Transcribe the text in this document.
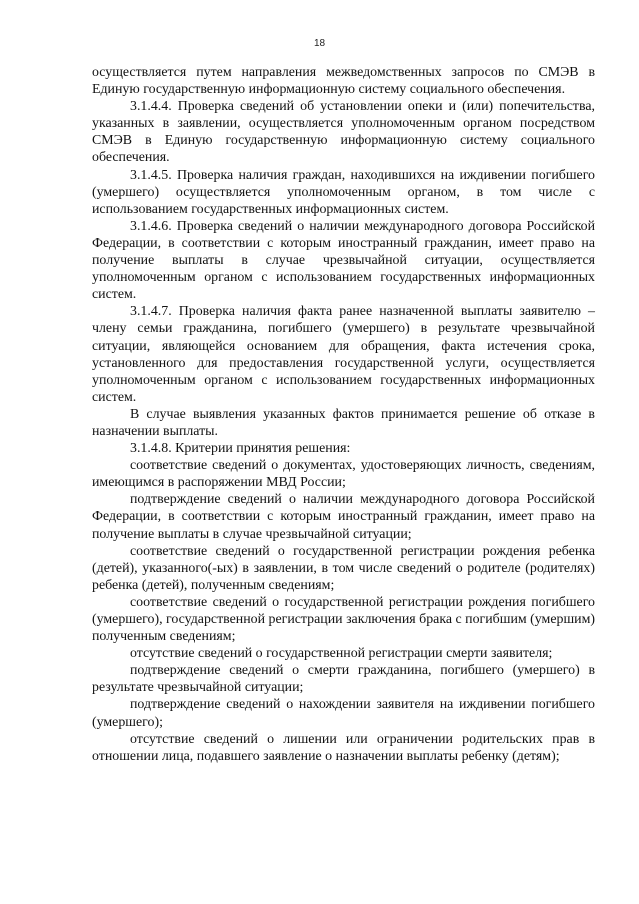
18

осуществляется путем направления межведомственных запросов по СМЭВ в Единую государственную информационную систему социального обеспечения.

3.1.4.4. Проверка сведений об установлении опеки и (или) попечительства, указанных в заявлении, осуществляется уполномоченным органом посредством СМЭВ в Единую государственную информационную систему социального обеспечения.

3.1.4.5. Проверка наличия граждан, находившихся на иждивении погибшего (умершего) осуществляется уполномоченным органом, в том числе с использованием государственных информационных систем.

3.1.4.6. Проверка сведений о наличии международного договора Российской Федерации, в соответствии с которым иностранный гражданин, имеет право на получение выплаты в случае чрезвычайной ситуации, осуществляется уполномоченным органом с использованием государственных информационных систем.

3.1.4.7. Проверка наличия факта ранее назначенной выплаты заявителю – члену семьи гражданина, погибшего (умершего) в результате чрезвычайной ситуации, являющейся основанием для обращения, факта истечения срока, установленного для предоставления государственной услуги, осуществляется уполномоченным органом с использованием государственных информационных систем.

В случае выявления указанных фактов принимается решение об отказе в назначении выплаты.

3.1.4.8. Критерии принятия решения:

соответствие сведений о документах, удостоверяющих личность, сведениям, имеющимся в распоряжении МВД России;

подтверждение сведений о наличии международного договора Российской Федерации, в соответствии с которым иностранный гражданин, имеет право на получение выплаты в случае чрезвычайной ситуации;

соответствие сведений о государственной регистрации рождения ребенка (детей), указанного(-ых) в заявлении, в том числе сведений о родителе (родителях) ребенка (детей), полученным сведениям;

соответствие сведений о государственной регистрации рождения погибшего (умершего), государственной регистрации заключения брака с погибшим (умершим) полученным сведениям;

отсутствие сведений о государственной регистрации смерти заявителя;

подтверждение сведений о смерти гражданина, погибшего (умершего) в результате чрезвычайной ситуации;

подтверждение сведений о нахождении заявителя на иждивении погибшего (умершего);

отсутствие сведений о лишении или ограничении родительских прав в отношении лица, подавшего заявление о назначении выплаты ребенку (детям);
